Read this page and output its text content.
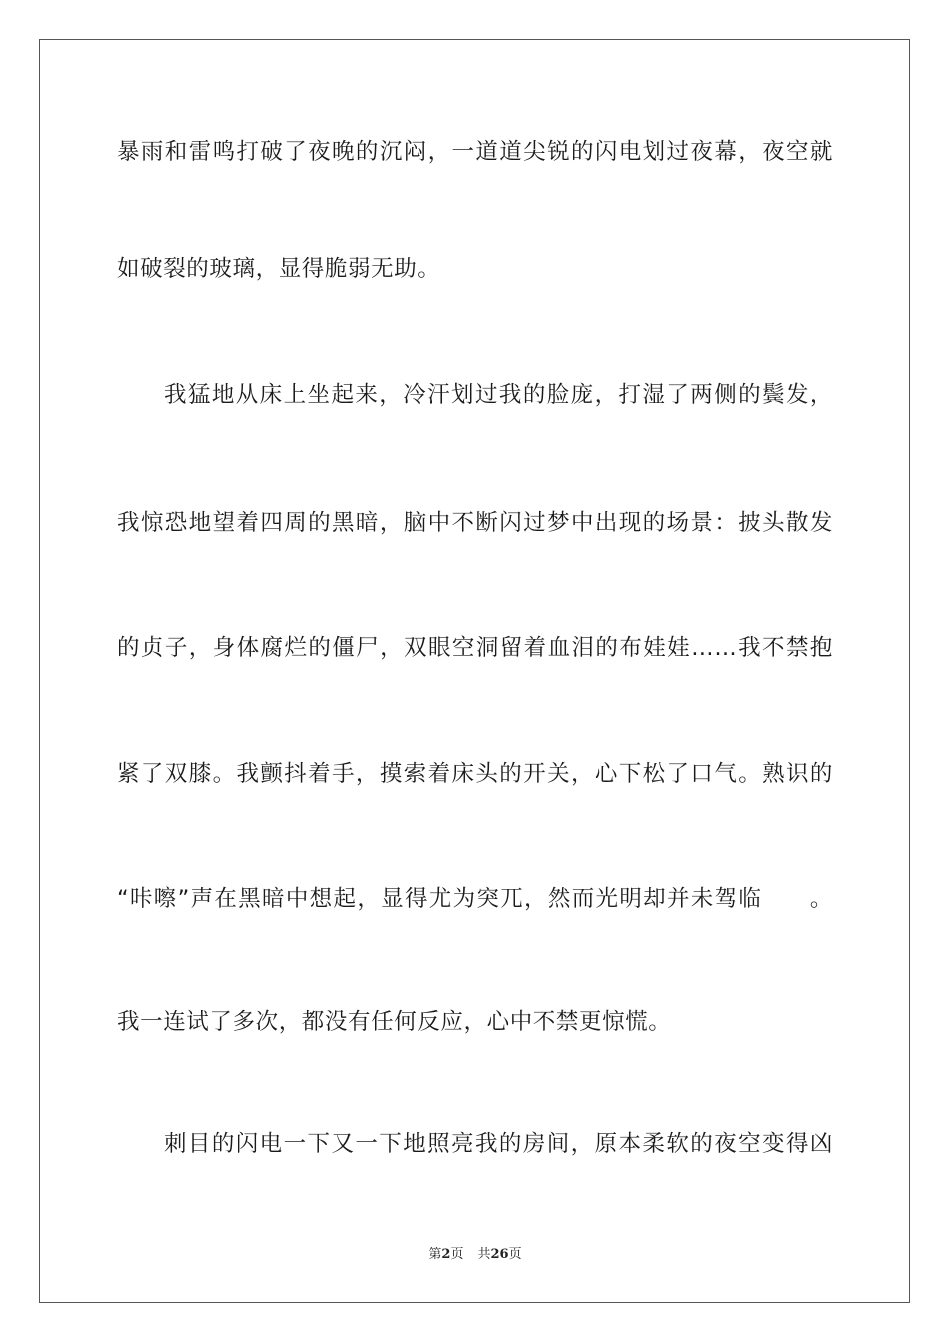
暴雨和雷鸣打破了夜晚的沉闷，一道道尖锐的闪电划过夜幕，夜空就
如破裂的玻璃，显得脆弱无助。
我猛地从床上坐起来，冷汗划过我的脸庞，打湿了两侧的鬓发，
我惊恐地望着四周的黑暗，脑中不断闪过梦中出现的场景：披头散发
的贞子，身体腐烂的僵尸，双眼空洞留着血泪的布娃娃……我不禁抱
紧了双膝。我颤抖着手，摸索着床头的开关，心下松了口气。熟识的
“咔嚓”声在黑暗中想起，显得尤为突兀，然而光明却并未驾临　　。
我一连试了多次，都没有任何反应，心中不禁更惊慌。
刺目的闪电一下又一下地照亮我的房间，原本柔软的夜空变得凶
第2页 共26页
